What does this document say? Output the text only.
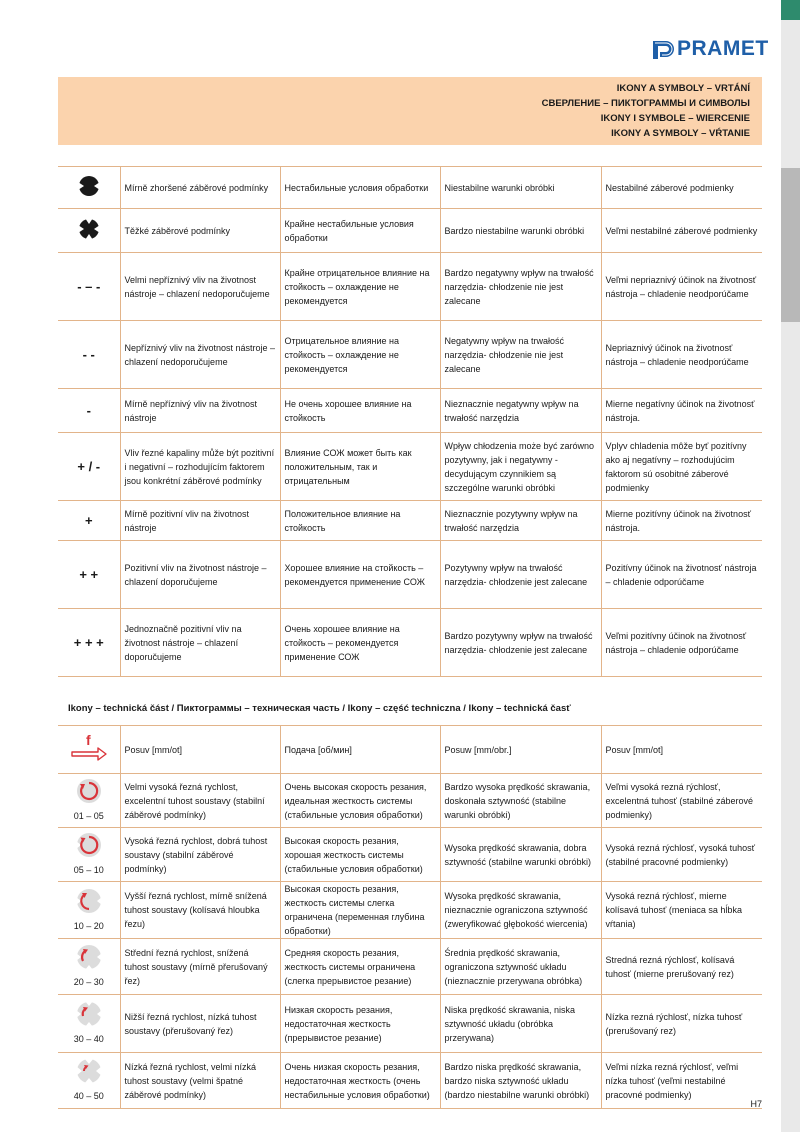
PRAMET
IKONY A SYMBOLY – VRTÁNÍ
СВЕРЛЕНИЕ – ПИКТОГРАММЫ И СИМВОЛЫ
IKONY I SYMBOLE – WIERCENIE
IKONY A SYMBOLY – VŔTANIE
	Mírně zhoršené záběrové podmínky	Нестабильные условия обработки	Niestabilne warunki obróbki	Nestabilné záberové podmienky
	Těžké záběrové podmínky	Крайне нестабильные условия обработки	Bardzo niestabilne warunki obróbki	Veľmi nestabilné záberové podmienky
- – -	Velmi nepříznivý vliv na životnost nástroje – chlazení nedoporučujeme	Крайне отрицательное влияние на стойкость – охлаждение не рекомендуется	Bardzo negatywny wpływ na trwałość narzędzia- chłodzenie nie jest zalecane	Veľmi nepriaznivý účinok na životnosť nástroja – chladenie neodporúčame
- -	Nepříznivý vliv na životnost nástroje – chlazení nedoporučujeme	Отрицательное влияние на стойкость – охлаждение не рекомендуется	Negatywny wpływ na trwałość narzędzia- chłodzenie nie jest zalecane	Nepriaznivý účinok na životnosť nástroja – chladenie neodporúčame
-	Mírně nepříznivý vliv na životnost nástroje	Не очень хорошее влияние на стойкость	Nieznacznie negatywny wpływ na trwałość narzędzia	Mierne negatívny účinok na životnosť nástroja.
+ / -	Vliv řezné kapaliny může být pozitivní i negativní – rozhodujícím faktorem jsou konkrétní záběrové podmínky	Влияние СОЖ может быть как положительным, так и отрицательным	Wpływ chłodzenia może być zarówno pozytywny, jak i negatywny - decydującym czynnikiem są szczególne warunki obróbki	Vplyv chladenia môže byť pozitívny ako aj negatívny – rozhodujúcim faktorom sú osobitné záberové podmienky
+	Mírně pozitivní vliv na životnost nástroje	Положительное влияние на стойкость	Nieznacznie pozytywny wpływ na trwałość narzędzia	Mierne pozitívny účinok na životnosť nástroja.
+ +	Pozitivní vliv na životnost nástroje – chlazení doporučujeme	Хорошее влияние на стойкость – рекомендуется применение СОЖ	Pozytywny wpływ na trwałość narzędzia- chłodzenie jest zalecane	Pozitívny účinok na životnosť nástroja – chladenie odporúčame
+ + +	Jednoznačně pozitivní vliv na životnost nástroje – chlazení doporučujeme	Очень хорошее влияние на стойкость – рекомендуется применение СОЖ	Bardzo pozytywny wpływ na trwałość narzędzia- chłodzenie jest zalecane	Veľmi pozitívny účinok na životnosť nástroja – chladenie odporúčame
Ikony – technická část / Пиктограммы – техническая часть / Ikony – część techniczna / Ikony – technická časť
f	Posuv [mm/ot]	Подача [об/мин]	Posuw [mm/obr.]	Posuv [mm/ot]

01 – 05	Velmi vysoká řezná rychlost, excelentní tuhost soustavy (stabilní záběrové podmínky)	Очень высокая скорость резания, идеальная жесткость системы (стабильные условия обработки)	Bardzo wysoka prędkość skrawania, doskonała sztywność (stabilne warunki obróbki)	Veľmi vysoká rezná rýchlosť, excelentná tuhosť (stabilné záberové podmienky)

05 – 10	Vysoká řezná rychlost, dobrá tuhost soustavy (stabilní záběrové podmínky)	Высокая скорость резания, хорошая жесткость системы (стабильные условия обработки)	Wysoka prędkość skrawania, dobra sztywność (stabilne warunki obróbki)	Vysoká rezná rýchlosť, vysoká tuhosť (stabilné pracovné podmienky)

10 – 20	Vyšší řezná rychlost, mírně snížená tuhost soustavy (kolísavá hloubka řezu)	Высокая скорость резания, жесткость системы слегка ограничена (переменная глубина обработки)	Wysoka prędkość skrawania, nieznacznie ograniczona sztywność (zweryfikować głębokość wiercenia)	Vysoká rezná rýchlosť, mierne kolísavá tuhosť (meniaca sa hĺbka vŕtania)

20 – 30	Střední řezná rychlost, snížená tuhost soustavy (mírně přerušovaný řez)	Средняя скорость резания, жесткость системы ограничена (слегка прерывистое резание)	Średnia prędkość skrawania, ograniczona sztywność układu (nieznacznie przerywana obróbka)	Stredná rezná rýchlosť, kolísavá tuhosť (mierne prerušovaný rez)

30 – 40	Nižší řezná rychlost, nízká tuhost soustavy (přerušovaný řez)	Низкая скорость резания, недостаточная жесткость (прерывистое резание)	Niska prędkość skrawania, niska sztywność układu (obróbka przerywana)	Nízka rezná rýchlosť, nízka tuhosť (prerušovaný rez)

40 – 50	Nízká řezná rychlost, velmi nízká tuhost soustavy (velmi špatné záběrové podmínky)	Очень низкая скорость резания, недостаточная жесткость (очень нестабильные условия обработки)	Bardzo niska prędkość skrawania, bardzo niska sztywność układu (bardzo niestabilne warunki obróbki)	Veľmi nízka rezná rýchlosť, veľmi nízka tuhosť (veľmi nestabilné pracovné podmienky)
H7
